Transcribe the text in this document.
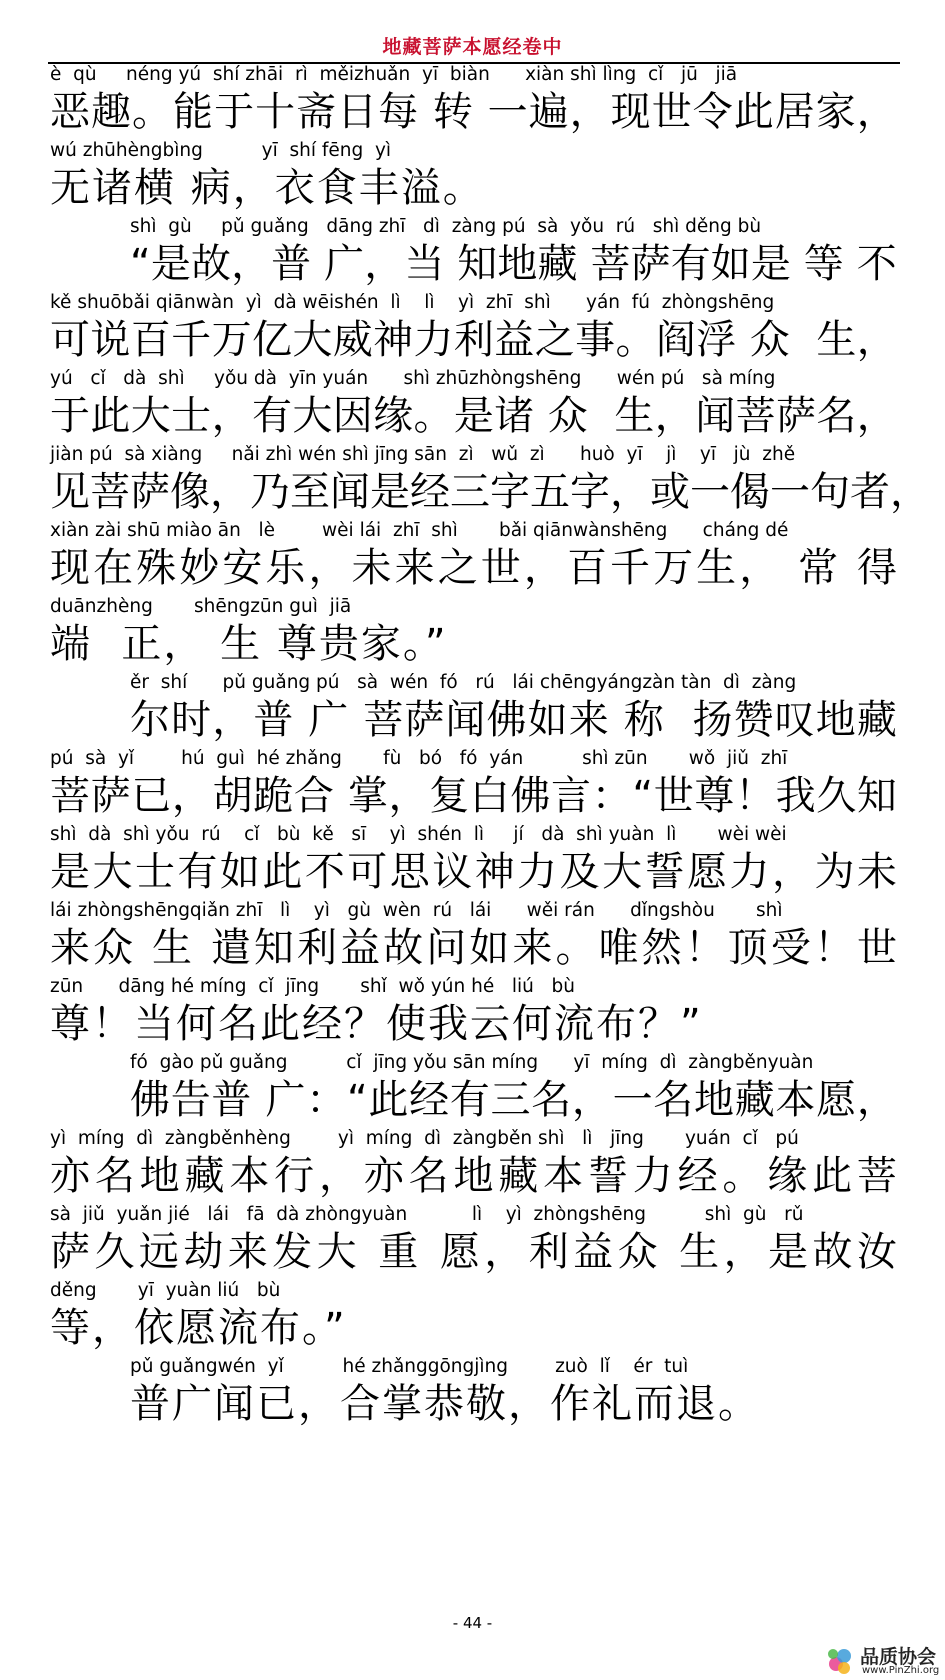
地藏菩萨本愿经卷中
è  qù     néng yú  shí zhāi  rì  měizhuǎn  yī  biàn      xiàn shì lìng  cǐ   jū   jiā
恶 趣 。 能 于 十 斋 日 每
转
一 遍 ， 现 世 令 此 居 家 ，
wú zhūhèngbìng          yī  shí fēng  yì
无诸横 病，衣食丰溢。
shì  gù     pǔ guǎng   dāng zhī   dì  zàng pú  sà  yǒu  rú   shì děng bù
“ 是 故 ， 普
广 ， 当
知 地 藏
菩 萨 有 如 是
等
不
kě shuōbǎi qiānwàn  yì  dà wēishén  lì    lì    yì  zhī  shì      yán  fú  zhòngshēng
可 说 百 千 万 亿 大 威 神 力 利 益 之 事 。 阎 浮
众

生 ，
yú   cǐ   dà  shì     yǒu dà  yīn yuán      shì zhūzhòngshēng      wén pú   sà míng
于 此 大 士 ， 有 大 因 缘 。 是 诸
众

生 ， 闻 菩 萨 名 ，
jiàn pú  sà xiàng     nǎi zhì wén shì jīng sān  zì   wǔ  zì      huò  yī    jì    yī   jù  zhě
见 菩 萨 像 ， 乃 至 闻 是 经 三 字 五 字 ， 或 一 偈 一 句 者 ，
xiàn zài shū miào ān   lè        wèi lái  zhī  shì       bǎi qiānwànshēng      cháng dé
现 在 殊 妙 安 乐 ， 未 来 之 世 ， 百 千 万 生 ，
常
得
duānzhèng       shēngzūn guì  jiā
端  正， 生 尊贵家。”
ěr  shí      pǔ guǎng pú   sà  wén  fó   rú   lái chēngyángzàn tàn  dì  zàng
尔 时 ， 普
广
菩 萨 闻 佛 如 来
称

扬 赞 叹 地 藏
pú  sà  yǐ        hú  guì  hé zhǎng       fù   bó   fó  yán          shì zūn       wǒ  jiǔ  zhī
菩 萨 已 ， 胡 跪 合
掌 ， 复 白 佛 言 ： “ 世 尊 ！ 我 久 知
shì  dà  shì yǒu  rú    cǐ   bù  kě   sī    yì  shén  lì     jí   dà  shì yuàn  lì       wèi wèi
是 大 士 有 如 此 不 可 思 议 神 力 及 大 誓 愿 力 ， 为 未
lái zhòngshēngqiǎn zhī   lì    yì   gù  wèn  rú   lái      wěi rán      dǐngshòu       shì
来 众
生
遣 知 利 益 故 问 如 来 。 唯 然 ！ 顶 受 ！ 世
zūn      dāng hé míng  cǐ  jīng       shǐ  wǒ yún hé   liú   bù
尊！当何名此经？使我云何流布？”
fó  gào pǔ guǎng          cǐ  jīng yǒu sān míng      yī  míng  dì  zàngběnyuàn
佛 告 普
广 ： “ 此 经 有 三 名 ， 一 名 地 藏 本 愿 ，
yì  míng  dì  zàngběnhèng        yì  míng  dì  zàngběn shì   lì   jīng       yuán  cǐ   pú
亦 名 地 藏 本 行 ， 亦 名 地 藏 本 誓 力 经 。 缘 此 菩
sà  jiǔ  yuǎn jié   lái   fā  dà zhòngyuàn           lì    yì  zhòngshēng          shì  gù   rǔ
萨 久 远 劫 来 发 大
重
愿 ， 利 益 众
生 ， 是 故 汝
děng       yī  yuàn liú   bù
等，依愿流布。”
pǔ guǎngwén  yǐ          hé zhǎnggōngjìng        zuò  lǐ    ér  tuì
普广闻已，合掌恭敬，作礼而退。
- 44 -
品质协会
www.PinZhi.org
